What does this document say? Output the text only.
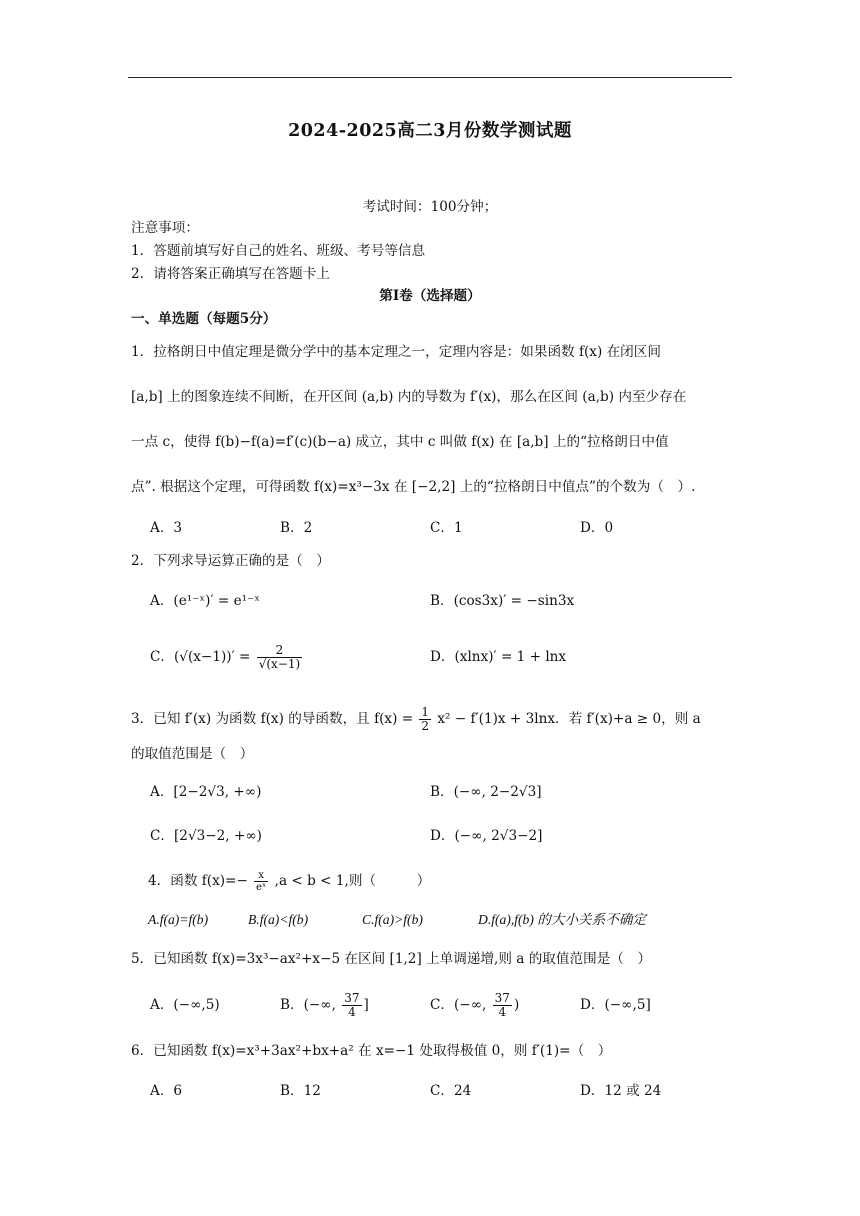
2024-2025高二3月份数学测试题
考试时间：100分钟；
注意事项：
1．答题前填写好自己的姓名、班级、考号等信息
2．请将答案正确填写在答题卡上
第I卷（选择题）
一、单选题（每题5分）
1．拉格朗日中值定理是微分学中的基本定理之一，定理内容是：如果函数 f(x) 在闭区间
[a,b] 上的图象连续不间断，在开区间 (a,b) 内的导数为 f′(x)，那么在区间 (a,b) 内至少存在
一点 c，使得 f(b)−f(a)=f′(c)(b−a) 成立，其中 c 叫做 f(x) 在 [a,b] 上的“拉格朗日中值
点”. 根据这个定理，可得函数 f(x)=x³−3x 在 [−2,2] 上的“拉格朗日中值点”的个数为（　）.
A．3	B．2	C．1	D．0
2．下列求导运算正确的是（　）
A．(e¹⁻ˣ)′ = e¹⁻ˣ	B．(cos3x)′ = −sin3x
C．$(√(x-1))' = \frac{2}{√(x-1)}$	D．(xlnx)′ = 1 + lnx
3．已知 f′(x) 为函数 f(x) 的导函数，且 $f(x) = \frac{1}{2} x^2 - f'(1)x + 3\ln x$．若 f′(x)+a ≥ 0，则 a
的取值范围是（　）
A．[2−2√3, +∞)	B．(−∞, 2−2√3]
C．[2√3−2, +∞)	D．(−∞, 2√3−2]
4．函数 $f(x)=- \frac{x}{\text{eˣ}} ,a < b < 1$,则（　　　）
A.f(a)=f(b)	B.f(a)<f(b)	C.f(a)>f(b)	D.f(a),f(b) 的大小关系不确定
5．已知函数 f(x)=3x³−ax²+x−5 在区间 [1,2] 上单调递增,则 a 的取值范围是（　）
A．(−∞,5)	B．(−∞, $\frac{37}{4}$ ]	C．(−∞, $\frac{37}{4}$ )	D．(−∞,5]
6．已知函数 f(x)=x³+3ax²+bx+a² 在 x=−1 处取得极值 0，则 f′(1)=（　）
A．6	B．12	C．24	D．12 或 24
